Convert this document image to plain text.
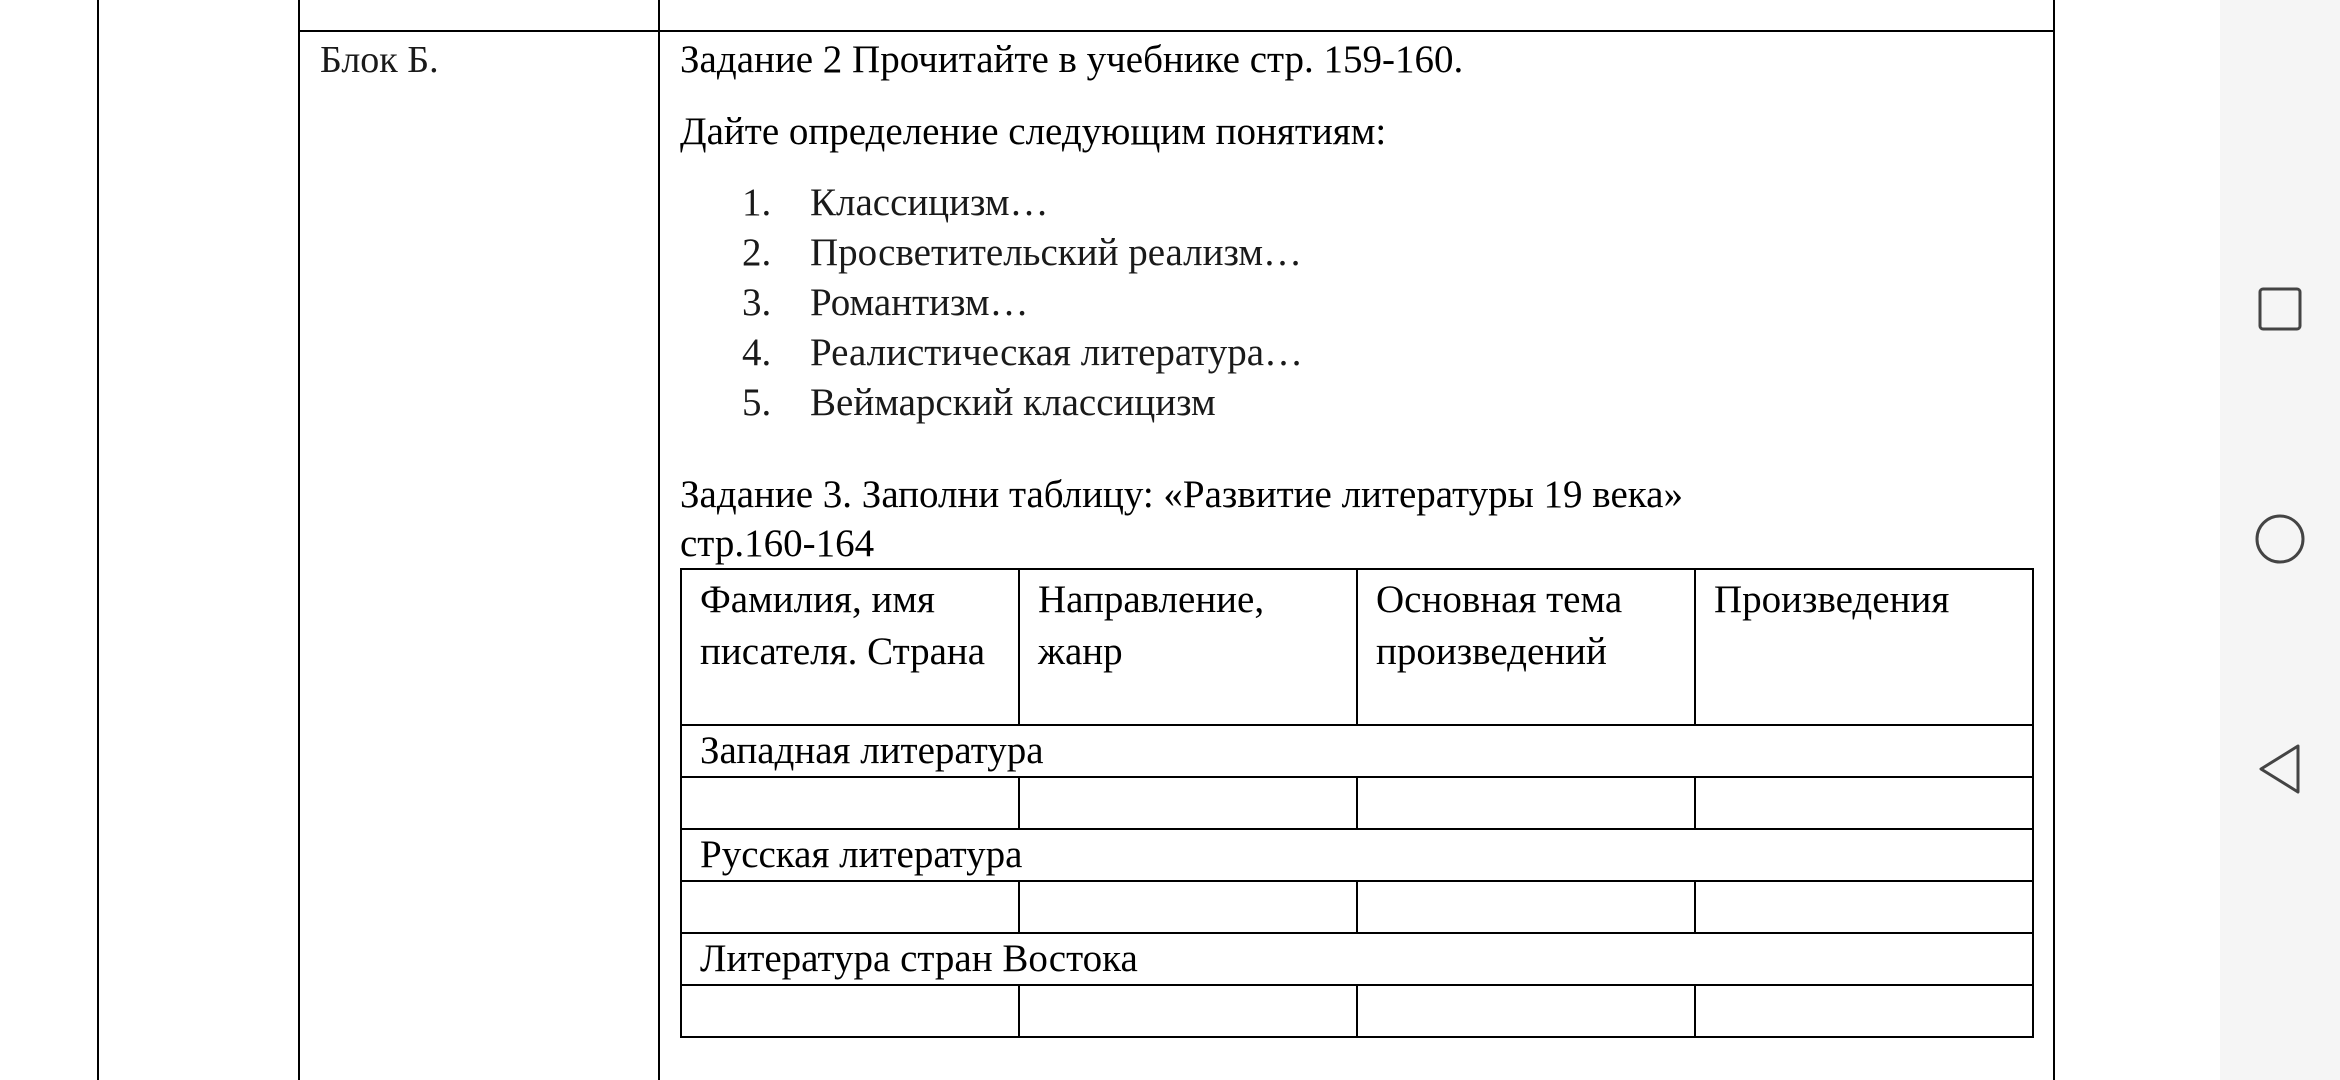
Блок Б.	Задание 2 Прочитайте в учебнике стр. 159-160.
Дайте определение следующим понятиям:
1. Классицизм…
2. Просветительский реализм…
3. Романтизм…
4. Реалистическая литература…
5. Веймарский классицизм
Задание 3. Заполни таблицу: «Развитие литературы 19 века»
стр.160-164
Фамилия, имя писателя. Страна	Направление, жанр	Основная тема произведений	Произведения
Западная литература			

Русская литература			

Литература стран Востока			
